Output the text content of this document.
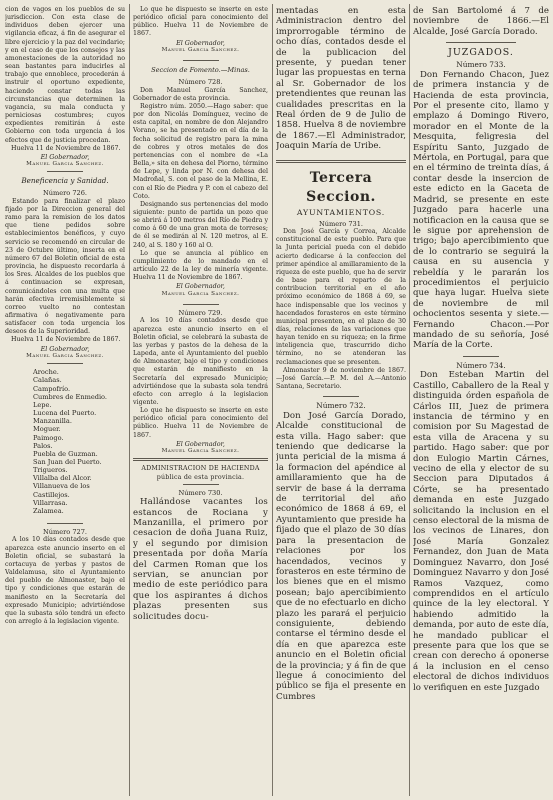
cion de vagos en los pueblos de su jurisdiccion. Con esta clase de individuos deben ejercer una vigilancia eficaz, á fin de asegurar el libre ejercicio y la paz del vecindario; y en el caso de que los consejos y las amonestaciones de la autoridad no sean bastantes para inducirles al trabajo que ennoblece, procederán á instruir el oportuno expediente, haciendo constar todas las circunstancias que determinen la vagancia, su mala conducta y perniciosas costumbres; cuyos expedientes remitirán á este Gobierno con toda urgencia á los efectos que de justicia procedan.

Huelva 11 de Noviembre de 1867.

El Gobernador,

Manuel Garcia Sanchez.

Beneficencia y Sanidad.

Número 726.

Estando para finalizar el plazo fijado por la Direccion general del ramo para la remision de los datos que tiene pedidos sobre establecimientos benéficos, y cuyo servicio se recomendó en circular de 23 de Octubre último, inserta en el número 67 del Boletin oficial de esta provincia, he dispuesto recordarla á los Sres. Alcaldes de los pueblos que á continuacion se expresan, comunicándoles con una multa que harán efectiva irremisiblemente si correo vuelto no contestan afirmativa ó negativamente para satisfacer con toda urgencia los deseos de la Superioridad.

Huelva 11 de Noviembre de 1867.

El Gobernador,

Manuel Garcia Sanchez.

Aroche.
Calañas.
Campofrío.
Cumbres de Enmedio.
Lepe.
Lucena del Puerto.
Manzanilla.
Moguer.
Paimogo.
Palos.
Puebla de Guzman.
San Juan del Puerto.
Trigueros.
Villalba del Alcor.
Villanueva de los Castillejos.
Villarrasa.
Zalamea.

Número 727.

A los 10 días contados desde que aparezca este anuncio inserto en el Boletin oficial, se subastará la cortacuya de yerbas y pastos de Valdelamusa, sito el Ayuntamiento del pueblo de Almonaster, bajo el tipo y condiciones que estarán de manifiesto en la Secretaría del expresado Municipio; advirtiéndose que la subasta sólo tendrá un efecto con arreglo á la legislacion vigente.

Lo que he dispuesto se inserte en este periódico oficial para conocimiento del público. Huelva 11 de Noviembre de 1867.

El Gobernador,

Manuel Garcia Sanchez.

Seccion de Fomento.—Minas.

Número 728.

Don Manuel García Sanchez, Gobernador de esta provincia.

Registro núm. 2050.—Hago saber: que por don Nicolás Domínguez, vecino de esta capital, en nombre de don Alejandro Vorano, se ha presentado en el día de la fecha solicitud de registro para la mina de cobres y otros metales de dos pertenencias con el nombre de «La Bella,» sita en dehesa del Piorno, término de Lepe, y linda por N. con dehesa del Madroñal, S. con el paso de la Mellina, E. con el Río de Piedra y P. con el cabezo del Coto.

Designando sus pertenencias del modo siguiente: punto de partida un pozo que se abrirá á 100 metros del Río de Piedra y como á 60 de una gran mota de torreses; de él se medirán al N. 120 metros, al E. 240, al S. 180 y 160 al O.

Lo que se anuncia al público en cumplimiento de lo mandado en el artículo 22 de la ley de minería vigente. Huelva 11 de Noviembre de 1867.

El Gobernador,

Manuel Garcia Sanchez.

Número 729.

A los 10 días contados desde que aparezca este anuncio inserto en el Boletin oficial, se celebrará la subasta de las yerbas y pastos de la dehesa de la Lapeda, ante el Ayuntamiento del pueblo de Almonaster, bajo el tipo y condiciones que estarán de manifiesto en la Secretaría del expresado Municipio; advirtiéndose que la subasta sola tendrá efecto con arreglo á la legislacion vigente.

Lo que he dispuesto se inserte en este periódico oficial para conocimiento del público. Huelva 11 de Noviembre de 1867.

El Gobernador,

Manuel Garcia Sanchez.

ADMINISTRACION DE HACIENDA pública de esta provincia.

Número 730.

Hallándose vacantes los estancos de Rociana y Manzanilla, el primero por cesacion de doña Juana Ruiz, y el segundo por dimision presentada por doña María del Carmen Roman que los servian, se anuncian por medio de este periódico para que los aspirantes á dichos plazas presenten sus solicitudes docu-

mentadas en esta Administracion dentro del improrrogable término de ocho días, contados desde el de la publicacion del presente, y puedan tener lugar las propuestas en terna al Sr. Gobernador de los pretendientes que reunan las cualidades prescritas en la Real órden de 9 de Julio de 1858. Huelva 8 de noviembre de 1867.—El Administrador, Joaquin María de Uribe.

Tercera Seccion.

AYUNTAMIENTOS.

Número 731.

Don José García y Correa, Alcalde constitucional de este pueblo. Para que la Junta pericial pueda con el debido acierto dedicarse á la confeccion del primer apéndice al amillaramiento de la riqueza de este pueblo, que ha de servir de base para el reparto de la contribucion territorial en el año próximo económico de 1868 á 69, se hace indispensable que los vecinos y hacendados forasteros en este término municipal presenten, en el plazo de 30 días, relaciones de las variaciones que hayan tenido en su riqueza; en la firme inteligencia que, trascurrido dicho término, no se atenderan las reclamaciones que se presenten.

Almonaster 9 de noviembre de 1867.—José García.—P. M. del A.—Antonio Santana, Secretario.

Número 732.

Don José García Dorado, Alcalde constitucional de esta villa. Hago saber: que teniendo que dedicarse la junta pericial de la misma á la formacion del apéndice al amillaramiento que ha de servir de base á la derrama de territorial del año económico de 1868 á 69, el Ayuntamiento que preside ha fijado que el plazo de 30 días para la presentacion de relaciones por los hacendados, vecinos y forasteros en este término de los bienes que en el mismo posean; bajo apercibimiento que de no efectuarlo en dicho plazo les parará el perjuicio consiguiente, debiendo contarse el término desde el día en que aparezca este anuncio en el Boletin oficial de la provincia; y á fin de que llegue á conocimiento del público se fija el presente en Cumbres

de San Bartolomé á 7 de noviembre de 1866.—El Alcalde, José García Dorado.

JUZGADOS.

Número 733.

Don Fernando Chacon, Juez de primera instancia y de Hacienda de esta provincia, Por el presente cito, llamo y emplazo á Domingo Rivero, morador en el Monte de la Mesquita, feligresia del Espíritu Santo, Juzgado de Mértola, en Portugal, para que en el término de treinta días, á contar desde la insercion de este edicto en la Gaceta de Madrid, se presente en este Juzgado para hacerle una notificacion en la causa que se le sigue por aprehension de trigo; bajo apercibimiento que de lo contrario se seguirá la causa en su ausencia y rebeldía y le pararán los procedimientos el perjuicio que haya lugar. Huelva siete de noviembre de mil ochocientos sesenta y siete.—Fernando Chacon.—Por mandado de su señoría, José María de la Corte.

Número 734.

Don Esteban Martin del Castillo, Caballero de la Real y distinguida órden española de Cárlos III, Juez de primera instancia de término y en comision por Su Magestad de esta villa de Aracena y su partido. Hago saber: que por don Eulogio Martin Cárnes, vecino de ella y elector de su Seccion para Diputados á Córte, se ha presentado demanda en este Juzgado solicitando la inclusion en el censo electoral de la misma de los vecinos de Linares, don José María Gonzalez Fernandez, don Juan de Mata Dominguez Navarro, don José Dominguez Navarro y don José Ramos Vazquez, como comprendidos en el artículo quince de la ley electoral. Y habiendo admitido la demanda, por auto de este día, he mandado publicar el presente para que los que se crean con derecho á oponerse á la inclusion en el censo electoral de dichos individuos lo verifiquen en este Juzgado
